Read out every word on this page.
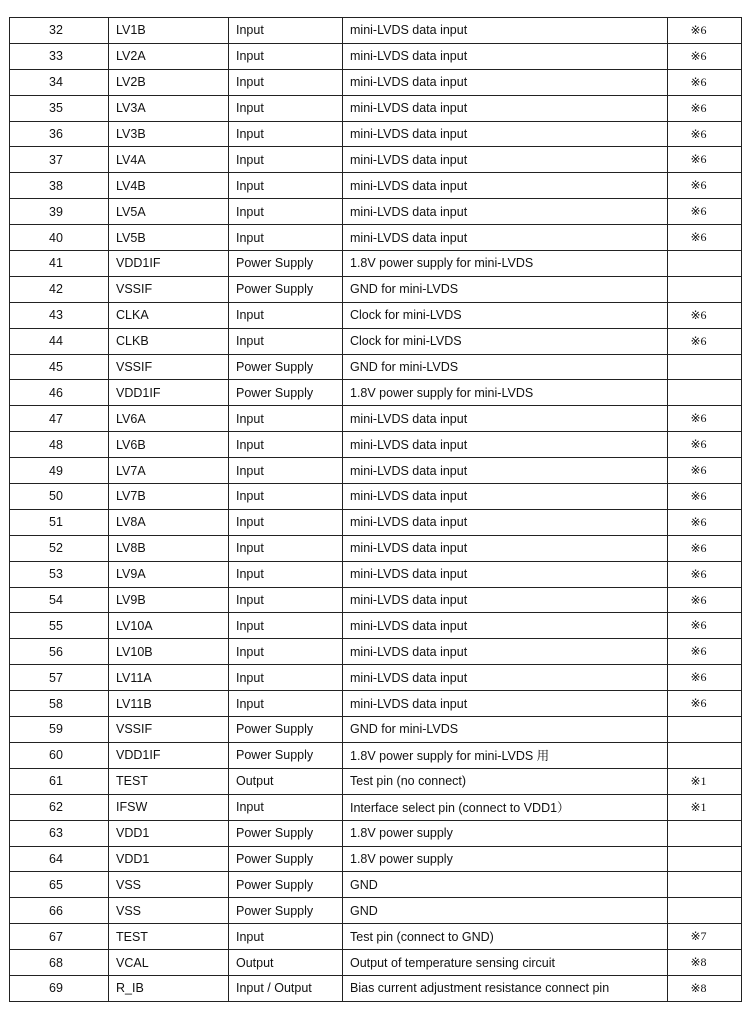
32	LV1B	Input	mini-LVDS data input	※6
33	LV2A	Input	mini-LVDS data input	※6
34	LV2B	Input	mini-LVDS data input	※6
35	LV3A	Input	mini-LVDS data input	※6
36	LV3B	Input	mini-LVDS data input	※6
37	LV4A	Input	mini-LVDS data input	※6
38	LV4B	Input	mini-LVDS data input	※6
39	LV5A	Input	mini-LVDS data input	※6
40	LV5B	Input	mini-LVDS data input	※6
41	VDD1IF	Power Supply	1.8V power supply for mini-LVDS	
42	VSSIF	Power Supply	GND for mini-LVDS	
43	CLKA	Input	Clock for mini-LVDS	※6
44	CLKB	Input	Clock for mini-LVDS	※6
45	VSSIF	Power Supply	GND for mini-LVDS	
46	VDD1IF	Power Supply	1.8V power supply for mini-LVDS	
47	LV6A	Input	mini-LVDS data input	※6
48	LV6B	Input	mini-LVDS data input	※6
49	LV7A	Input	mini-LVDS data input	※6
50	LV7B	Input	mini-LVDS data input	※6
51	LV8A	Input	mini-LVDS data input	※6
52	LV8B	Input	mini-LVDS data input	※6
53	LV9A	Input	mini-LVDS data input	※6
54	LV9B	Input	mini-LVDS data input	※6
55	LV10A	Input	mini-LVDS data input	※6
56	LV10B	Input	mini-LVDS data input	※6
57	LV11A	Input	mini-LVDS data input	※6
58	LV11B	Input	mini-LVDS data input	※6
59	VSSIF	Power Supply	GND for mini-LVDS	
60	VDD1IF	Power Supply	1.8V power supply for mini-LVDS 用	
61	TEST	Output	Test pin (no connect)	※1
62	IFSW	Input	Interface select pin (connect to VDD1）	※1
63	VDD1	Power Supply	1.8V power supply	
64	VDD1	Power Supply	1.8V power supply	
65	VSS	Power Supply	GND	
66	VSS	Power Supply	GND	
67	TEST	Input	Test pin (connect to GND)	※7
68	VCAL	Output	Output of temperature sensing circuit	※8
69	R_IB	Input / Output	Bias current adjustment resistance connect pin	※8
